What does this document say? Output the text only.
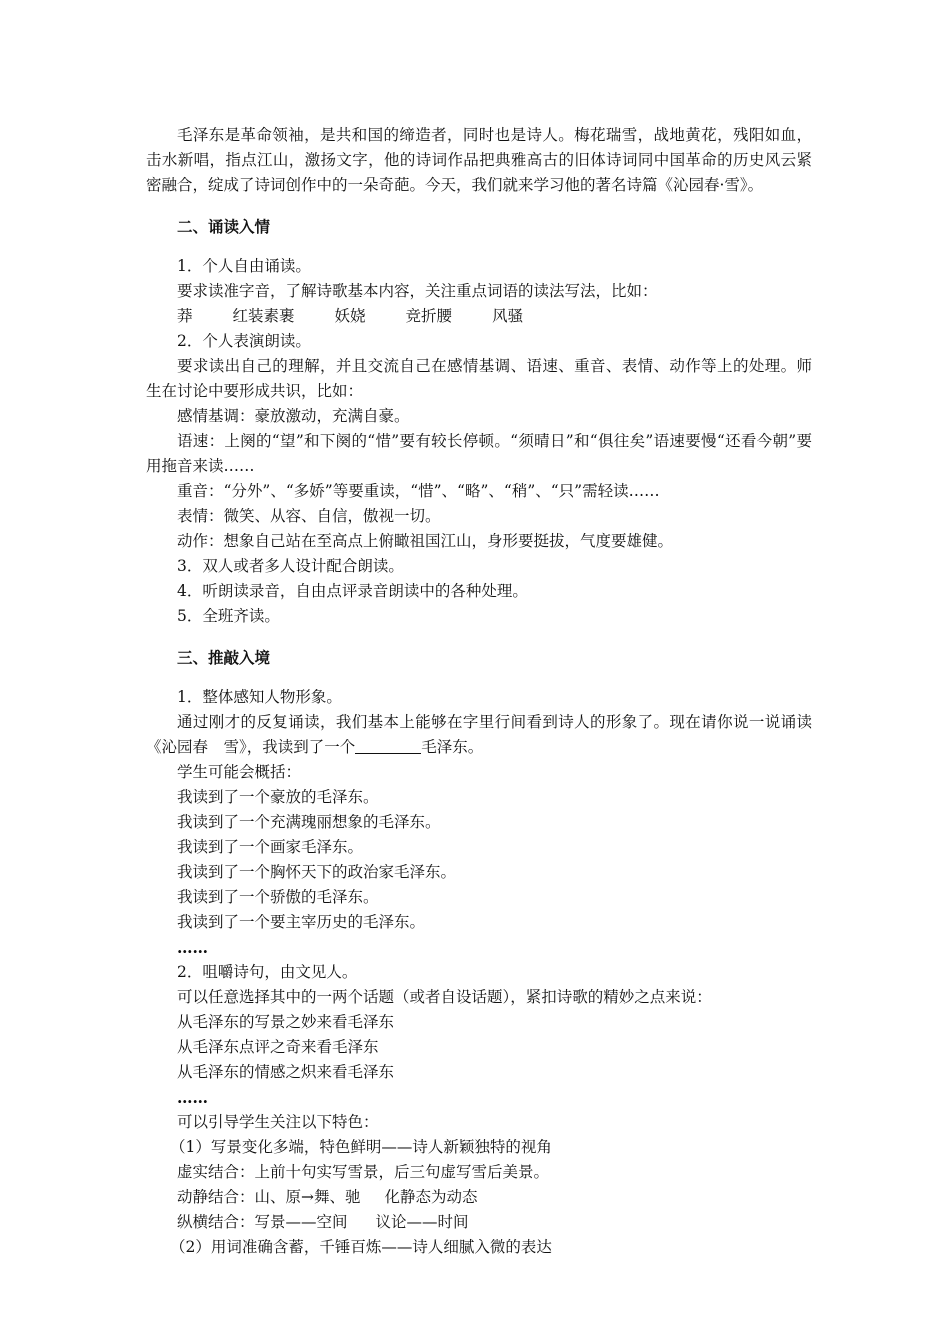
毛泽东是革命领袖，是共和国的缔造者，同时也是诗人。梅花瑞雪，战地黄花，残阳如血，击水新唱，指点江山，激扬文字，他的诗词作品把典雅高古的旧体诗词同中国革命的历史风云紧密融合，绽成了诗词创作中的一朵奇葩。今天，我们就来学习他的著名诗篇《沁园春·雪》。

二、诵读入情

1．个人自由诵读。

要求读准字音，了解诗歌基本内容，关注重点词语的读法写法，比如：

莽	红装素裹	妖娆	竞折腰	风骚

2．个人表演朗读。

要求读出自己的理解，并且交流自己在感情基调、语速、重音、表情、动作等上的处理。师生在讨论中要形成共识，比如：

感情基调：豪放激动，充满自豪。

语速：上阕的“望”和下阕的“惜”要有较长停顿。“须晴日”和“俱往矣”语速要慢“还看今朝”要用拖音来读……

重音：“分外”、“多娇”等要重读，“惜”、“略”、“稍”、“只”需轻读……

表情：微笑、从容、自信，傲视一切。

动作：想象自己站在至高点上俯瞰祖国江山，身形要挺拔，气度要雄健。

3．双人或者多人设计配合朗读。

4．听朗读录音，自由点评录音朗读中的各种处理。

5．全班齐读。

三、推敲入境

1．整体感知人物形象。

通过刚才的反复诵读，我们基本上能够在字里行间看到诗人的形象了。现在请你说一说诵读《沁园春　雪》，我读到了一个	毛泽东。

学生可能会概括：

我读到了一个豪放的毛泽东。

我读到了一个充满瑰丽想象的毛泽东。

我读到了一个画家毛泽东。

我读到了一个胸怀天下的政治家毛泽东。

我读到了一个骄傲的毛泽东。

我读到了一个要主宰历史的毛泽东。

……

2．咀嚼诗句，由文见人。

可以任意选择其中的一两个话题（或者自设话题），紧扣诗歌的精妙之点来说：

从毛泽东的写景之妙来看毛泽东

从毛泽东点评之奇来看毛泽东

从毛泽东的情感之炽来看毛泽东

……

可以引导学生关注以下特色：

（1）写景变化多端，特色鲜明——诗人新颖独特的视角

虚实结合：上前十句实写雪景，后三句虚写雪后美景。

动静结合：山、原→舞、驰 化静态为动态

纵横结合：写景——空间 议论——时间

（2）用词准确含蓄，千锤百炼——诗人细腻入微的表达
